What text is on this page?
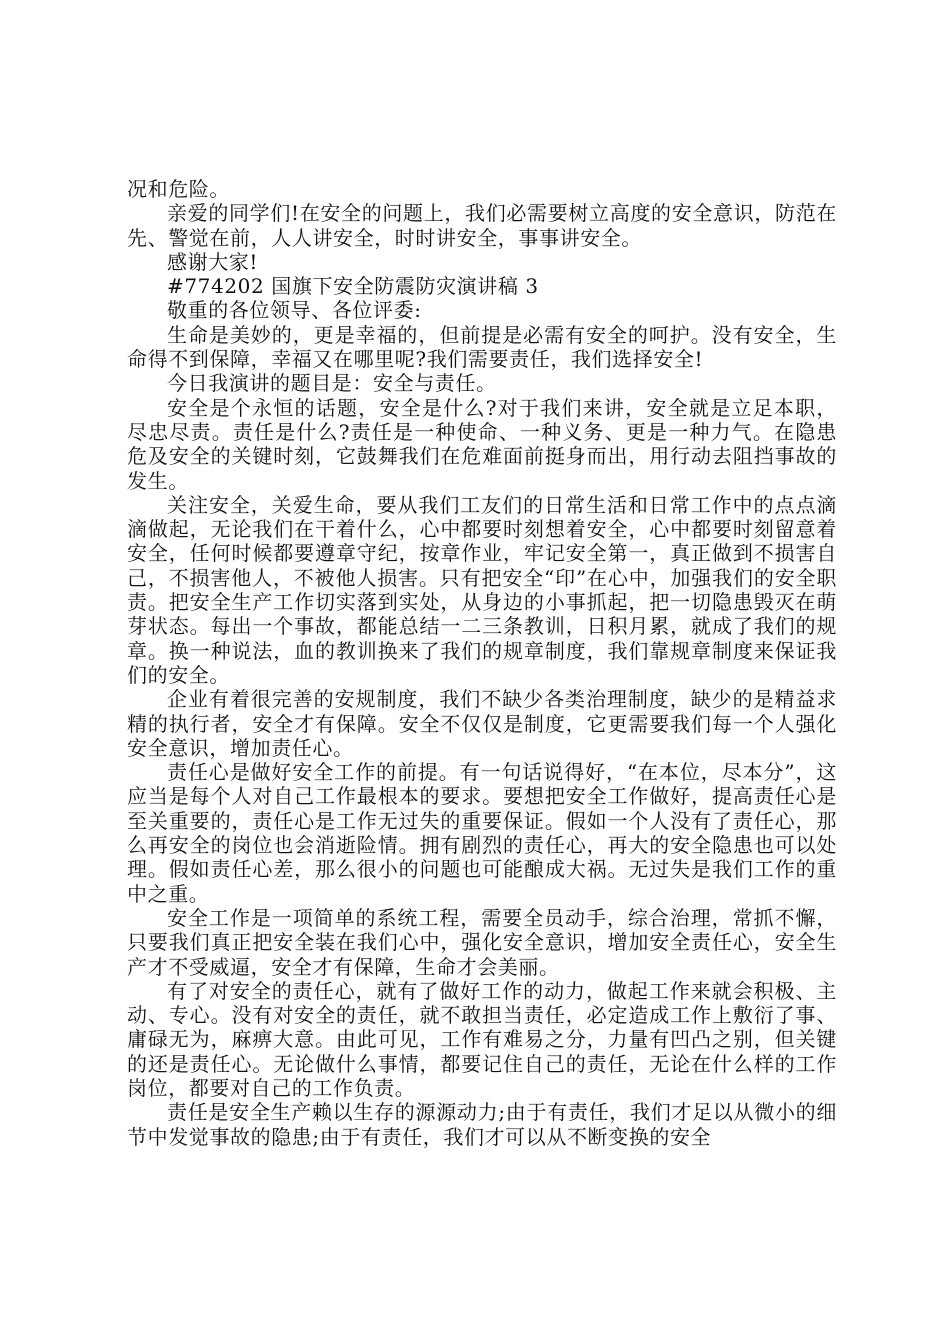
况和危险。

亲爱的同学们!在安全的问题上，我们必需要树立高度的安全意识，防范在先、警觉在前，人人讲安全，时时讲安全，事事讲安全。

感谢大家!

#774202 国旗下安全防震防灾演讲稿 3

敬重的各位领导、各位评委:

生命是美妙的，更是幸福的，但前提是必需有安全的呵护。没有安全，生命得不到保障，幸福又在哪里呢?我们需要责任，我们选择安全!

今日我演讲的题目是：安全与责任。

安全是个永恒的话题，安全是什么?对于我们来讲，安全就是立足本职，尽忠尽责。责任是什么?责任是一种使命、一种义务、更是一种力气。在隐患危及安全的关键时刻，它鼓舞我们在危难面前挺身而出，用行动去阻挡事故的发生。

关注安全，关爱生命，要从我们工友们的日常生活和日常工作中的点点滴滴做起，无论我们在干着什么，心中都要时刻想着安全，心中都要时刻留意着安全，任何时候都要遵章守纪，按章作业，牢记安全第一，真正做到不损害自己，不损害他人，不被他人损害。只有把安全“印”在心中，加强我们的安全职责。把安全生产工作切实落到实处，从身边的小事抓起，把一切隐患毁灭在萌芽状态。每出一个事故，都能总结一二三条教训，日积月累，就成了我们的规章。换一种说法，血的教训换来了我们的规章制度，我们靠规章制度来保证我们的安全。

企业有着很完善的安规制度，我们不缺少各类治理制度，缺少的是精益求精的执行者，安全才有保障。安全不仅仅是制度，它更需要我们每一个人强化安全意识，增加责任心。

责任心是做好安全工作的前提。有一句话说得好，“在本位，尽本分”，这应当是每个人对自己工作最根本的要求。要想把安全工作做好，提高责任心是至关重要的，责任心是工作无过失的重要保证。假如一个人没有了责任心，那么再安全的岗位也会消逝险情。拥有剧烈的责任心，再大的安全隐患也可以处理。假如责任心差，那么很小的问题也可能酿成大祸。无过失是我们工作的重中之重。

安全工作是一项简单的系统工程，需要全员动手，综合治理，常抓不懈，只要我们真正把安全装在我们心中，强化安全意识，增加安全责任心，安全生产才不受威逼，安全才有保障，生命才会美丽。

有了对安全的责任心，就有了做好工作的动力，做起工作来就会积极、主动、专心。没有对安全的责任，就不敢担当责任，必定造成工作上敷衍了事、庸碌无为，麻痹大意。由此可见，工作有难易之分，力量有凹凸之别，但关键的还是责任心。无论做什么事情，都要记住自己的责任，无论在什么样的工作岗位，都要对自己的工作负责。

责任是安全生产赖以生存的源源动力;由于有责任，我们才足以从微小的细节中发觉事故的隐患;由于有责任，我们才可以从不断变换的安全
